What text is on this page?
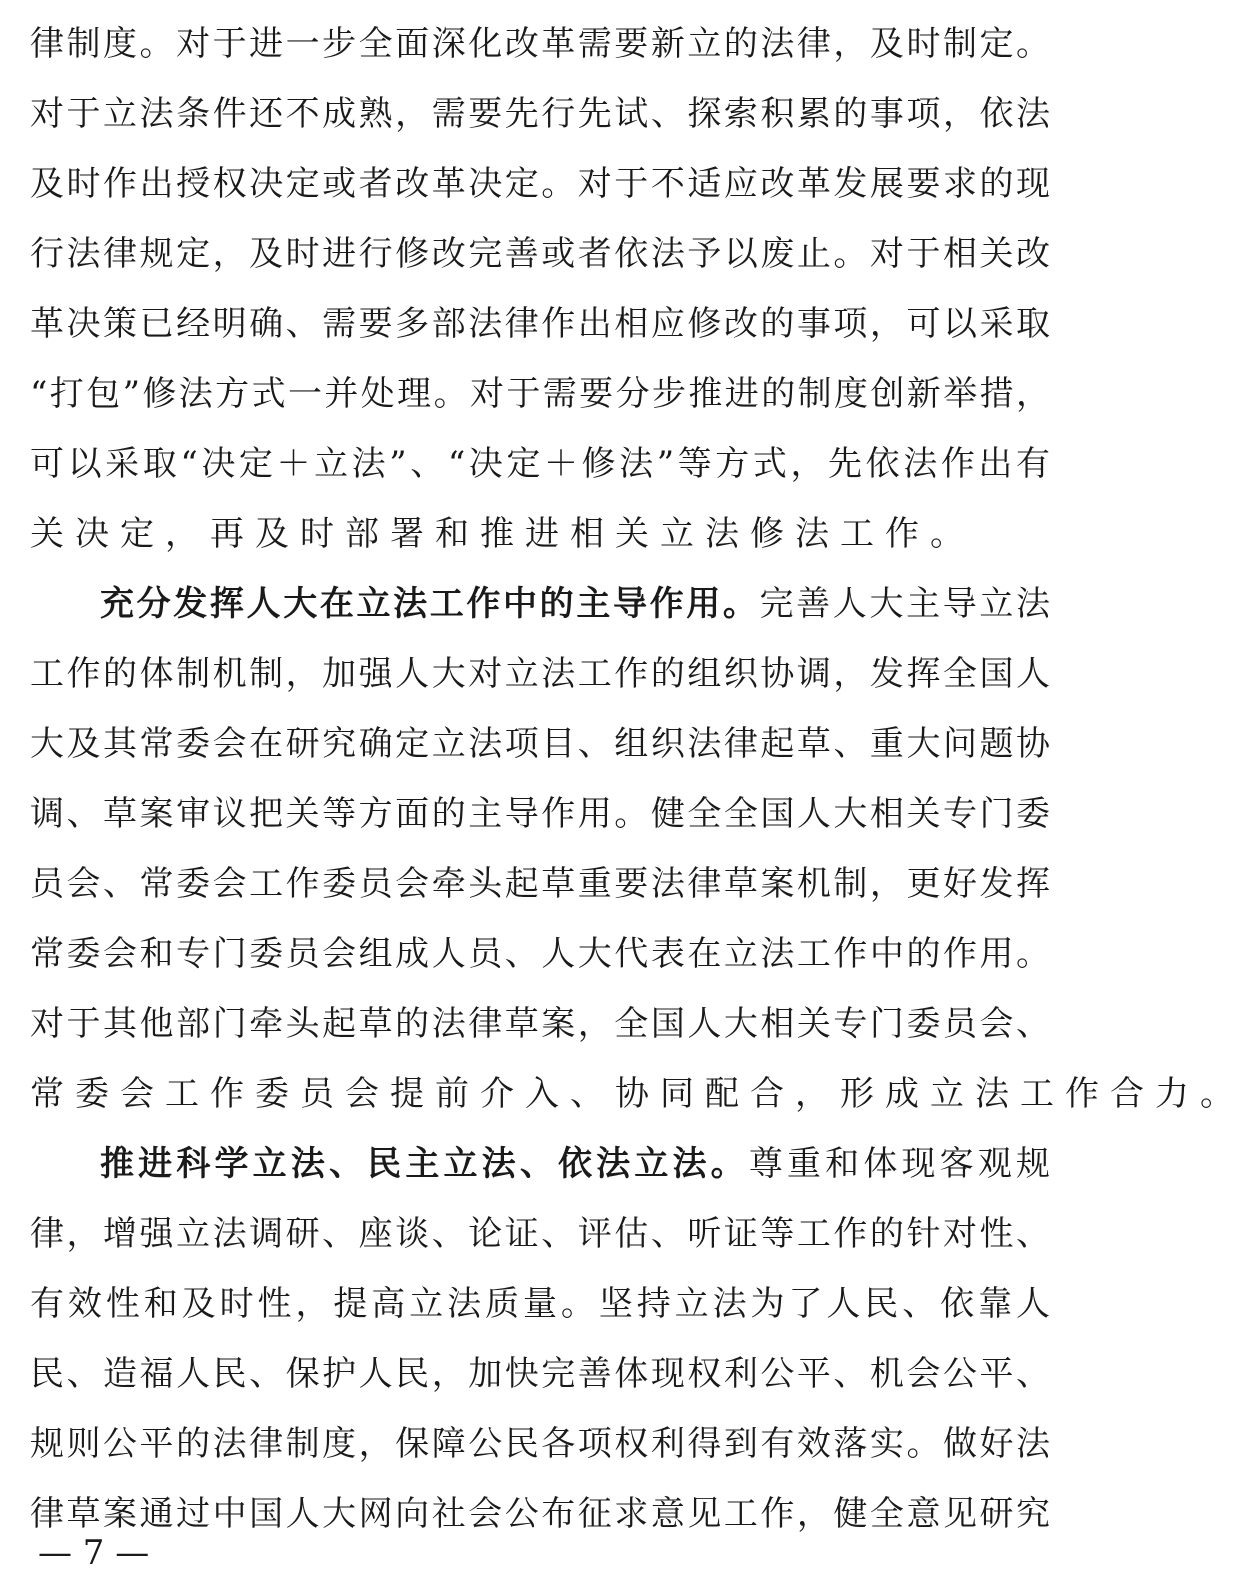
律制度。对于进一步全面深化改革需要新立的法律，及时制定。
对于立法条件还不成熟，需要先行先试、探索积累的事项，依法
及时作出授权决定或者改革决定。对于不适应改革发展要求的现
行法律规定，及时进行修改完善或者依法予以废止。对于相关改
革决策已经明确、需要多部法律作出相应修改的事项，可以采取
“打包”修法方式一并处理。对于需要分步推进的制度创新举措，
可以采取“决定＋立法”、“决定＋修法”等方式，先依法作出有
关决定，再及时部署和推进相关立法修法工作。
充分发挥人大在立法工作中的主导作用。完善人大主导立法
工作的体制机制，加强人大对立法工作的组织协调，发挥全国人
大及其常委会在研究确定立法项目、组织法律起草、重大问题协
调、草案审议把关等方面的主导作用。健全全国人大相关专门委
员会、常委会工作委员会牵头起草重要法律草案机制，更好发挥
常委会和专门委员会组成人员、人大代表在立法工作中的作用。
对于其他部门牵头起草的法律草案，全国人大相关专门委员会、
常委会工作委员会提前介入、协同配合，形成立法工作合力。
推进科学立法、民主立法、依法立法。尊重和体现客观规
律，增强立法调研、座谈、论证、评估、听证等工作的针对性、
有效性和及时性，提高立法质量。坚持立法为了人民、依靠人
民、造福人民、保护人民，加快完善体现权利公平、机会公平、
规则公平的法律制度，保障公民各项权利得到有效落实。做好法
律草案通过中国人大网向社会公布征求意见工作，健全意见研究
— 7 —
